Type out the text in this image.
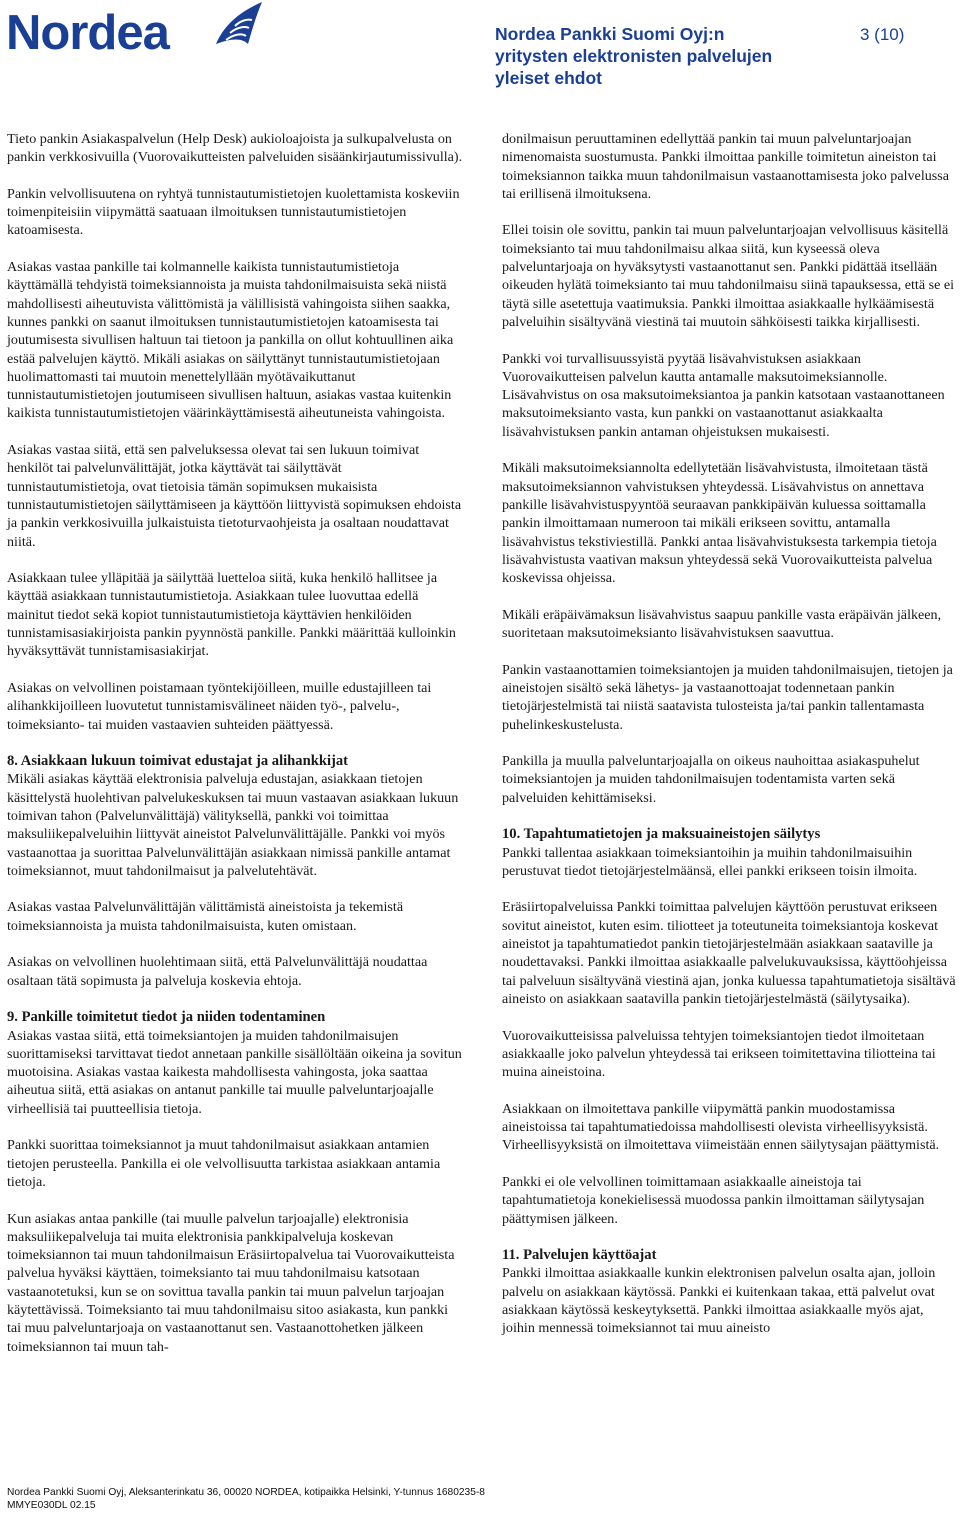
Nordea	Nordea Pankki Suomi Oyj:n
yritysten elektronisten palvelujen
yleiset ehdot
3 (10)

Tieto pankin Asiakaspalvelun (Help Desk) aukioloajoista ja sulkupalvelusta on pankin verkkosivuilla (Vuorovaikutteisten palveluiden sisäänkirjautumissivulla).

Pankin velvollisuutena on ryhtyä tunnistautumistietojen kuolettamista koskeviin toimenpiteisiin viipymättä saatuaan ilmoituksen tunnistautumistietojen katoamisesta.

Asiakas vastaa pankille tai kolmannelle kaikista tunnistautumistietoja käyttämällä tehdyistä toimeksiannoista ja muista tahdonilmaisuista sekä niistä mahdollisesti aiheutuvista välittömistä ja välillisistä vahingoista siihen saakka, kunnes pankki on saanut ilmoituksen tunnistautumistietojen katoamisesta tai joutumisesta sivullisen haltuun tai tietoon ja pankilla on ollut kohtuullinen aika estää palvelujen käyttö. Mikäli asiakas on säilyttänyt tunnistautumistietojaan huolimattomasti tai muutoin menettelyllään myötävaikuttanut tunnistautumistietojen joutumiseen sivullisen haltuun, asiakas vastaa kuitenkin kaikista tunnistautumistietojen väärinkäyttämisestä aiheutuneista vahingoista.

Asiakas vastaa siitä, että sen palveluksessa olevat tai sen lukuun toimivat henkilöt tai palvelunvälittäjät, jotka käyttävät tai säilyttävät tunnistautumistietoja, ovat tietoisia tämän sopimuksen mukaisista tunnistautumistietojen säilyttämiseen ja käyttöön liittyvistä sopimuksen ehdoista ja pankin verkkosivuilla julkaistuista tietoturvaohjeista ja osaltaan noudattavat niitä.

Asiakkaan tulee ylläpitää ja säilyttää luetteloa siitä, kuka henkilö hallitsee ja käyttää asiakkaan tunnistautumistietoja. Asiakkaan tulee luovuttaa edellä mainitut tiedot sekä kopiot tunnistautumistietoja käyttävien henkilöiden tunnistamisasiakirjoista pankin pyynnöstä pankille. Pankki määrittää kulloinkin hyväksyttävät tunnistamisasiakirjat.

Asiakas on velvollinen poistamaan työntekijöilleen, muille edustajilleen tai alihankkijoilleen luovutetut tunnistamisvälineet näiden työ-, palvelu-, toimeksianto- tai muiden vastaavien suhteiden päättyessä.

8. Asiakkaan lukuun toimivat edustajat ja alihankkijat

Mikäli asiakas käyttää elektronisia palveluja edustajan, asiakkaan tietojen käsittelystä huolehtivan palvelukeskuksen tai muun vastaavan asiakkaan lukuun toimivan tahon (Palvelunvälittäjä) välityksellä, pankki voi toimittaa maksuliikepalveluihin liittyvät aineistot Palvelunvälittäjälle. Pankki voi myös vastaanottaa ja suorittaa Palvelunvälittäjän asiakkaan nimissä pankille antamat toimeksiannot, muut tahdonilmaisut ja palvelutehtävät.

Asiakas vastaa Palvelunvälittäjän välittämistä aineistoista ja tekemistä toimeksiannoista ja muista tahdonilmaisuista, kuten omistaan.

Asiakas on velvollinen huolehtimaan siitä, että Palvelunvälittäjä noudattaa osaltaan tätä sopimusta ja palveluja koskevia ehtoja.

9. Pankille toimitetut tiedot ja niiden todentaminen

Asiakas vastaa siitä, että toimeksiantojen ja muiden tahdonilmaisujen suorittamiseksi tarvittavat tiedot annetaan pankille sisällöltään oikeina ja sovitun muotoisina. Asiakas vastaa kaikesta mahdollisesta vahingosta, joka saattaa aiheutua siitä, että asiakas on antanut pankille tai muulle palveluntarjoajalle virheellisiä tai puutteellisia tietoja.

Pankki suorittaa toimeksiannot ja muut tahdonilmaisut asiakkaan antamien tietojen perusteella. Pankilla ei ole velvollisuutta tarkistaa asiakkaan antamia tietoja.

Kun asiakas antaa pankille (tai muulle palvelun tarjoajalle) elektronisia maksuliikepalveluja tai muita elektronisia pankkipalveluja koskevan toimeksiannon tai muun tahdonilmaisun Eräsiirtopalvelua tai Vuorovaikutteista palvelua hyväksi käyttäen, toimeksianto tai muu tahdonilmaisu katsotaan vastaanotetuksi, kun se on sovittua tavalla pankin tai muun palvelun tarjoajan käytettävissä. Toimeksianto tai muu tahdonilmaisu sitoo asiakasta, kun pankki tai muu palveluntarjoaja on vastaanottanut sen. Vastaanottohetken jälkeen toimeksiannon tai muun tah-

donilmaisun peruuttaminen edellyttää pankin tai muun palveluntarjoajan nimenomaista suostumusta. Pankki ilmoittaa pankille toimitetun aineiston tai toimeksiannon taikka muun tahdonilmaisun vastaanottamisesta joko palvelussa tai erillisenä ilmoituksena.

Ellei toisin ole sovittu, pankin tai muun palveluntarjoajan velvollisuus käsitellä toimeksianto tai muu tahdonilmaisu alkaa siitä, kun kyseessä oleva palveluntarjoaja on hyväksytysti vastaanottanut sen. Pankki pidättää itsellään oikeuden hylätä toimeksianto tai muu tahdonilmaisu siinä tapauksessa, että se ei täytä sille asetettuja vaatimuksia. Pankki ilmoittaa asiakkaalle hylkäämisestä palveluihin sisältyvänä viestinä tai muutoin sähköisesti taikka kirjallisesti.

Pankki voi turvallisuussyistä pyytää lisävahvistuksen asiakkaan Vuorovaikutteisen palvelun kautta antamalle maksutoimeksiannolle. Lisävahvistus on osa maksutoimeksiantoa ja pankin katsotaan vastaanottaneen maksutoimeksianto vasta, kun pankki on vastaanottanut asiakkaalta lisävahvistuksen pankin antaman ohjeistuksen mukaisesti.

Mikäli maksutoimeksiannolta edellytetään lisävahvistusta, ilmoitetaan tästä maksutoimeksiannon vahvistuksen yhteydessä. Lisävahvistus on annettava pankille lisävahvistuspyyntöä seuraavan pankkipäivän kuluessa soittamalla pankin ilmoittamaan numeroon tai mikäli erikseen sovittu, antamalla lisävahvistus tekstiviestillä. Pankki antaa lisävahvistuksesta tarkempia tietoja lisävahvistusta vaativan maksun yhteydessä sekä Vuorovaikutteista palvelua koskevissa ohjeissa.

Mikäli eräpäivämaksun lisävahvistus saapuu pankille vasta eräpäivän jälkeen, suoritetaan maksutoimeksianto lisävahvistuksen saavuttua.

Pankin vastaanottamien toimeksiantojen ja muiden tahdonilmaisujen, tietojen ja aineistojen sisältö sekä lähetys- ja vastaanottoajat todennetaan pankin tietojärjestelmistä tai niistä saatavista tulosteista ja/tai pankin tallentamasta puhelinkeskustelusta.

Pankilla ja muulla palveluntarjoajalla on oikeus nauhoittaa asiakaspuhelut toimeksiantojen ja muiden tahdonilmaisujen todentamista varten sekä palveluiden kehittämiseksi.

10. Tapahtumatietojen ja maksuaineistojen säilytys

Pankki tallentaa asiakkaan toimeksiantoihin ja muihin tahdonilmaisuihin perustuvat tiedot tietojärjestelmäänsä, ellei pankki erikseen toisin ilmoita.

Eräsiirtopalveluissa Pankki toimittaa palvelujen käyttöön perustuvat erikseen sovitut aineistot, kuten esim. tiliotteet ja toteutuneita toimeksiantoja koskevat aineistot ja tapahtumatiedot pankin tietojärjestelmään asiakkaan saataville ja noudettavaksi. Pankki ilmoittaa asiakkaalle palvelukuvauksissa, käyttöohjeissa tai palveluun sisältyvänä viestinä ajan, jonka kuluessa tapahtumatietoja sisältävä aineisto on asiakkaan saatavilla pankin tietojärjestelmästä (säilytysaika).

Vuorovaikutteisissa palveluissa tehtyjen toimeksiantojen tiedot ilmoitetaan asiakkaalle joko palvelun yhteydessä tai erikseen toimitettavina tiliotteina tai muina aineistoina.

Asiakkaan on ilmoitettava pankille viipymättä pankin muodostamissa aineistoissa tai tapahtumatiedoissa mahdollisesti olevista virheellisyyksistä. Virheellisyyksistä on ilmoitettava viimeistään ennen säilytysajan päättymistä.

Pankki ei ole velvollinen toimittamaan asiakkaalle aineistoja tai tapahtumatietoja konekielisessä muodossa pankin ilmoittaman säilytysajan päättymisen jälkeen.

11. Palvelujen käyttöajat

Pankki ilmoittaa asiakkaalle kunkin elektronisen palvelun osalta ajan, jolloin palvelu on asiakkaan käytössä. Pankki ei kuitenkaan takaa, että palvelut ovat asiakkaan käytössä keskeytyksettä. Pankki ilmoittaa asiakkaalle myös ajat, joihin mennessä toimeksiannot tai muu aineisto

Nordea Pankki Suomi Oyj, Aleksanterinkatu 36, 00020 NORDEA, kotipaikka Helsinki, Y-tunnus 1680235-8
MMYE030DL 02.15
